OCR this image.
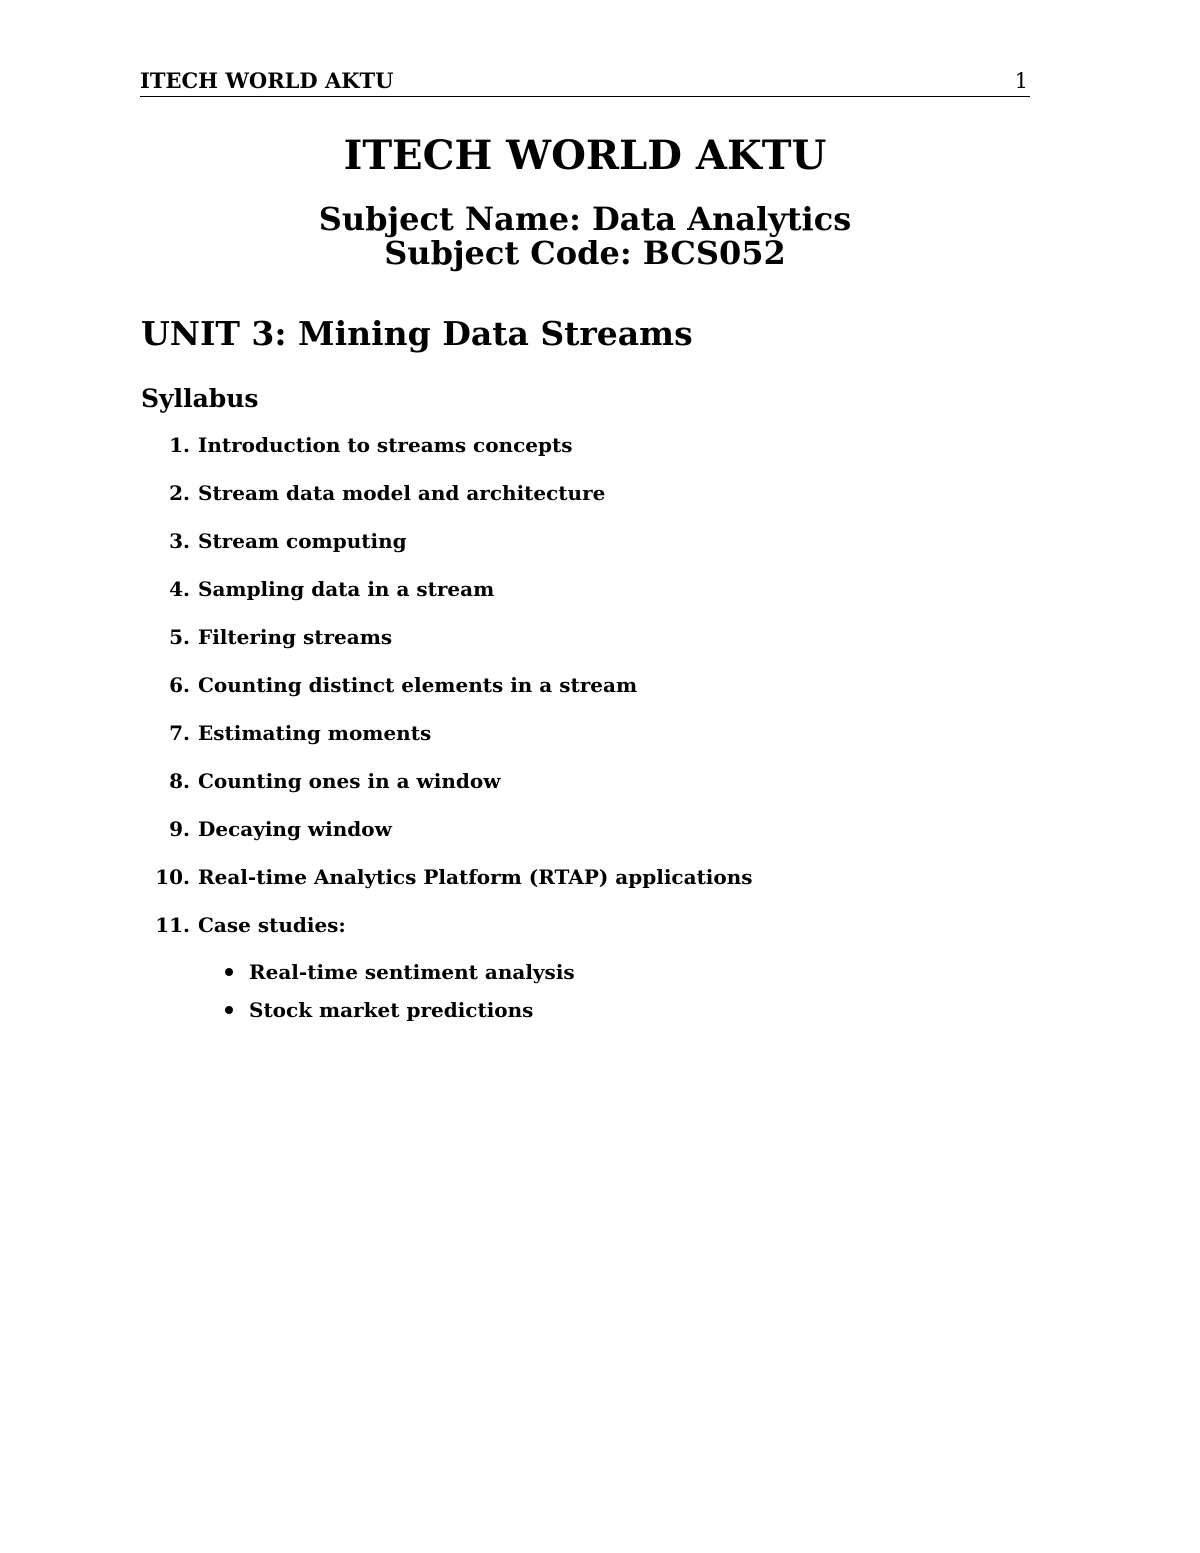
ITECH WORLD AKTU	1
ITECH WORLD AKTU
Subject Name: Data Analytics
Subject Code: BCS052
UNIT 3: Mining Data Streams
Syllabus
1. Introduction to streams concepts
2. Stream data model and architecture
3. Stream computing
4. Sampling data in a stream
5. Filtering streams
6. Counting distinct elements in a stream
7. Estimating moments
8. Counting ones in a window
9. Decaying window
10. Real-time Analytics Platform (RTAP) applications
11. Case studies:
Real-time sentiment analysis
Stock market predictions
